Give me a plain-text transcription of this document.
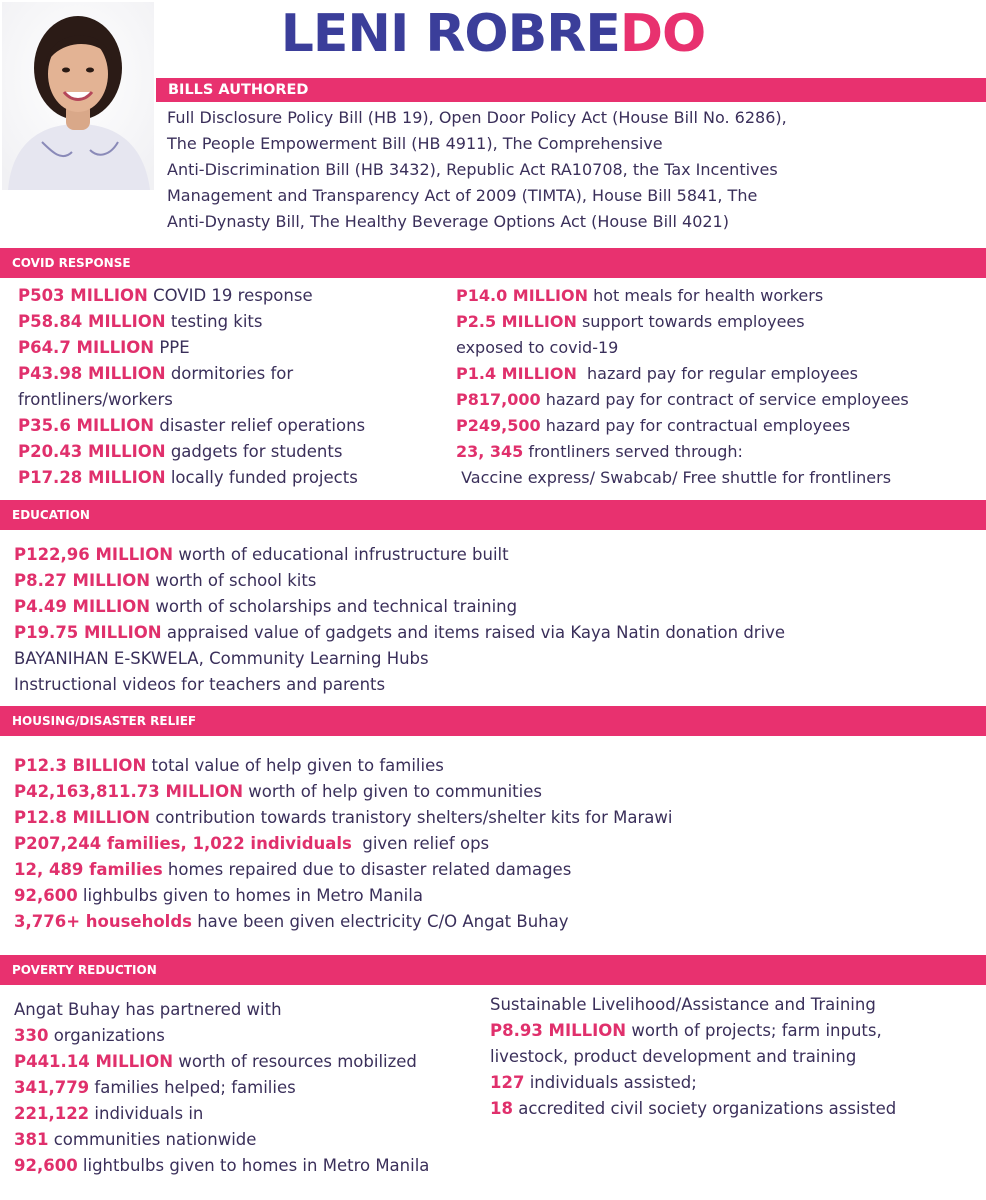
LENI ROBREDO
BILLS AUTHORED
Full Disclosure Policy Bill (HB 19), Open Door Policy Act (House Bill No. 6286),
The People Empowerment Bill (HB 4911), The Comprehensive
Anti-Discrimination Bill (HB 3432), Republic Act RA10708, the Tax Incentives
Management and Transparency Act of 2009 (TIMTA), House Bill 5841, The
Anti-Dynasty Bill, The Healthy Beverage Options Act (House Bill 4021)
COVID RESPONSE
P503 MILLION COVID 19 response
P58.84 MILLION testing kits
P64.7 MILLION PPE
P43.98 MILLION dormitories for
frontliners/workers
P35.6 MILLION disaster relief operations
P20.43 MILLION gadgets for students
P17.28 MILLION locally funded projects
P14.0 MILLION hot meals for health workers
P2.5 MILLION support towards employees
exposed to covid-19
P1.4 MILLION  hazard pay for regular employees
P817,000 hazard pay for contract of service employees
P249,500 hazard pay for contractual employees
23, 345 frontliners served through:
Vaccine express/ Swabcab/ Free shuttle for frontliners
EDUCATION
P122,96 MILLION worth of educational infrustructure built
P8.27 MILLION worth of school kits
P4.49 MILLION worth of scholarships and technical training
P19.75 MILLION appraised value of gadgets and items raised via Kaya Natin donation drive
BAYANIHAN E-SKWELA, Community Learning Hubs
Instructional videos for teachers and parents
HOUSING/DISASTER RELIEF
P12.3 BILLION total value of help given to families
P42,163,811.73 MILLION worth of help given to communities
P12.8 MILLION contribution towards tranistory shelters/shelter kits for Marawi
P207,244 families, 1,022 individuals  given relief ops
12, 489 families homes repaired due to disaster related damages
92,600 lighbulbs given to homes in Metro Manila
3,776+ households have been given electricity C/O Angat Buhay
POVERTY REDUCTION
Angat Buhay has partnered with
330 organizations
P441.14 MILLION worth of resources mobilized
341,779 families helped; families
221,122 individuals in
381 communities nationwide
92,600 lightbulbs given to homes in Metro Manila
Sustainable Livelihood/Assistance and Training
P8.93 MILLION worth of projects; farm inputs,
livestock, product development and training
127 individuals assisted;
18 accredited civil society organizations assisted
